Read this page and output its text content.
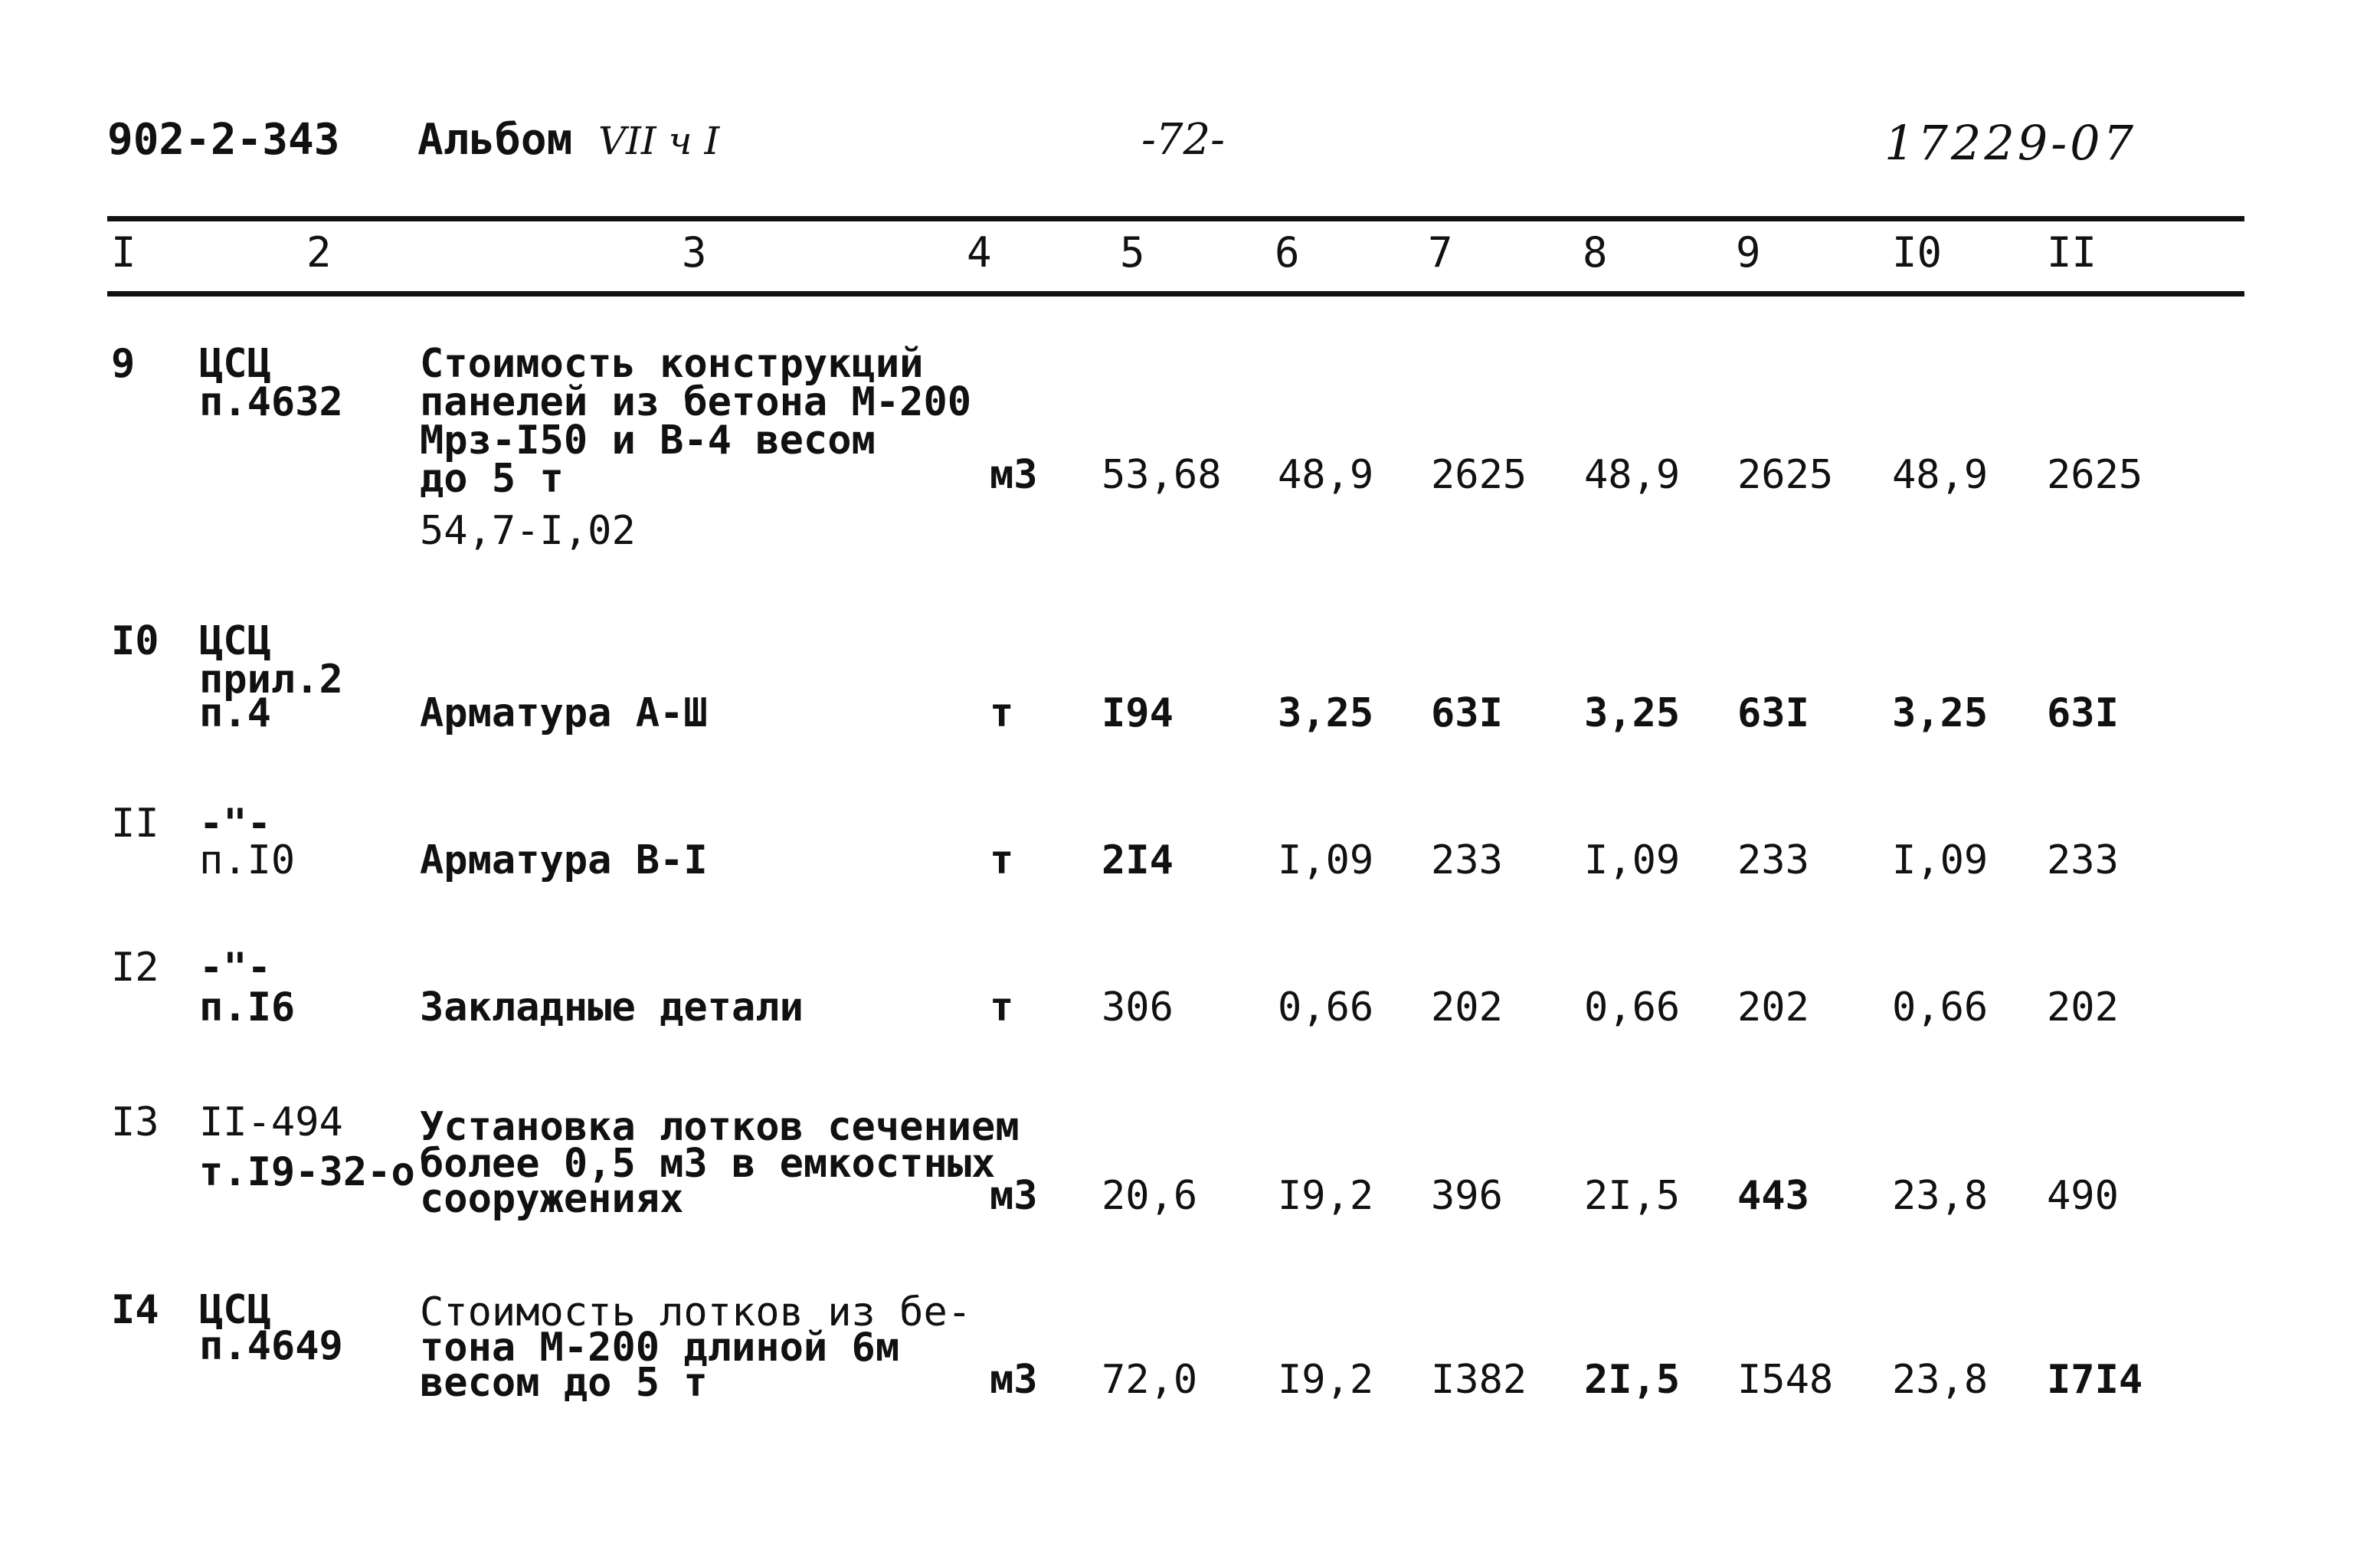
902-2-343 Альбом VII ч I	-72-	17229-07
I	2	3	4	5	6	7	8	9	I0	II
9 ЦСЦ
п.4632
Стоимость конструкций
панелей из бетона М-200
Мрз-I50 и В-4 весом
до 5 т
54,7-I,02
м3 53,68 48,9 2625 48,9 2625 48,9 2625
I0 ЦСЦ
прил.2
п.4	Арматура А-Ш	т I94	3,25 63I 3,25 63I 3,25 63I
II -"-
п.I0	Арматура В-I	т 2I4	I,09 233 I,09 233 I,09 233
I2 -"-
п.I6	Закладные детали	т 306	0,66 202 0,66 202 0,66 202
I3 II-494
т.I9-32-о
Установка лотков сечением
более 0,5 м3 в емкостных
сооружениях	м3 20,6 I9,2 396 2I,5 443 23,8 490
I4 ЦСЦ
п.4649
Стоимость лотков из бе-
тона М-200 длиной 6м
весом до 5 т	м3 72,0 I9,2 I382 2I,5 I548 23,8 I7I4
